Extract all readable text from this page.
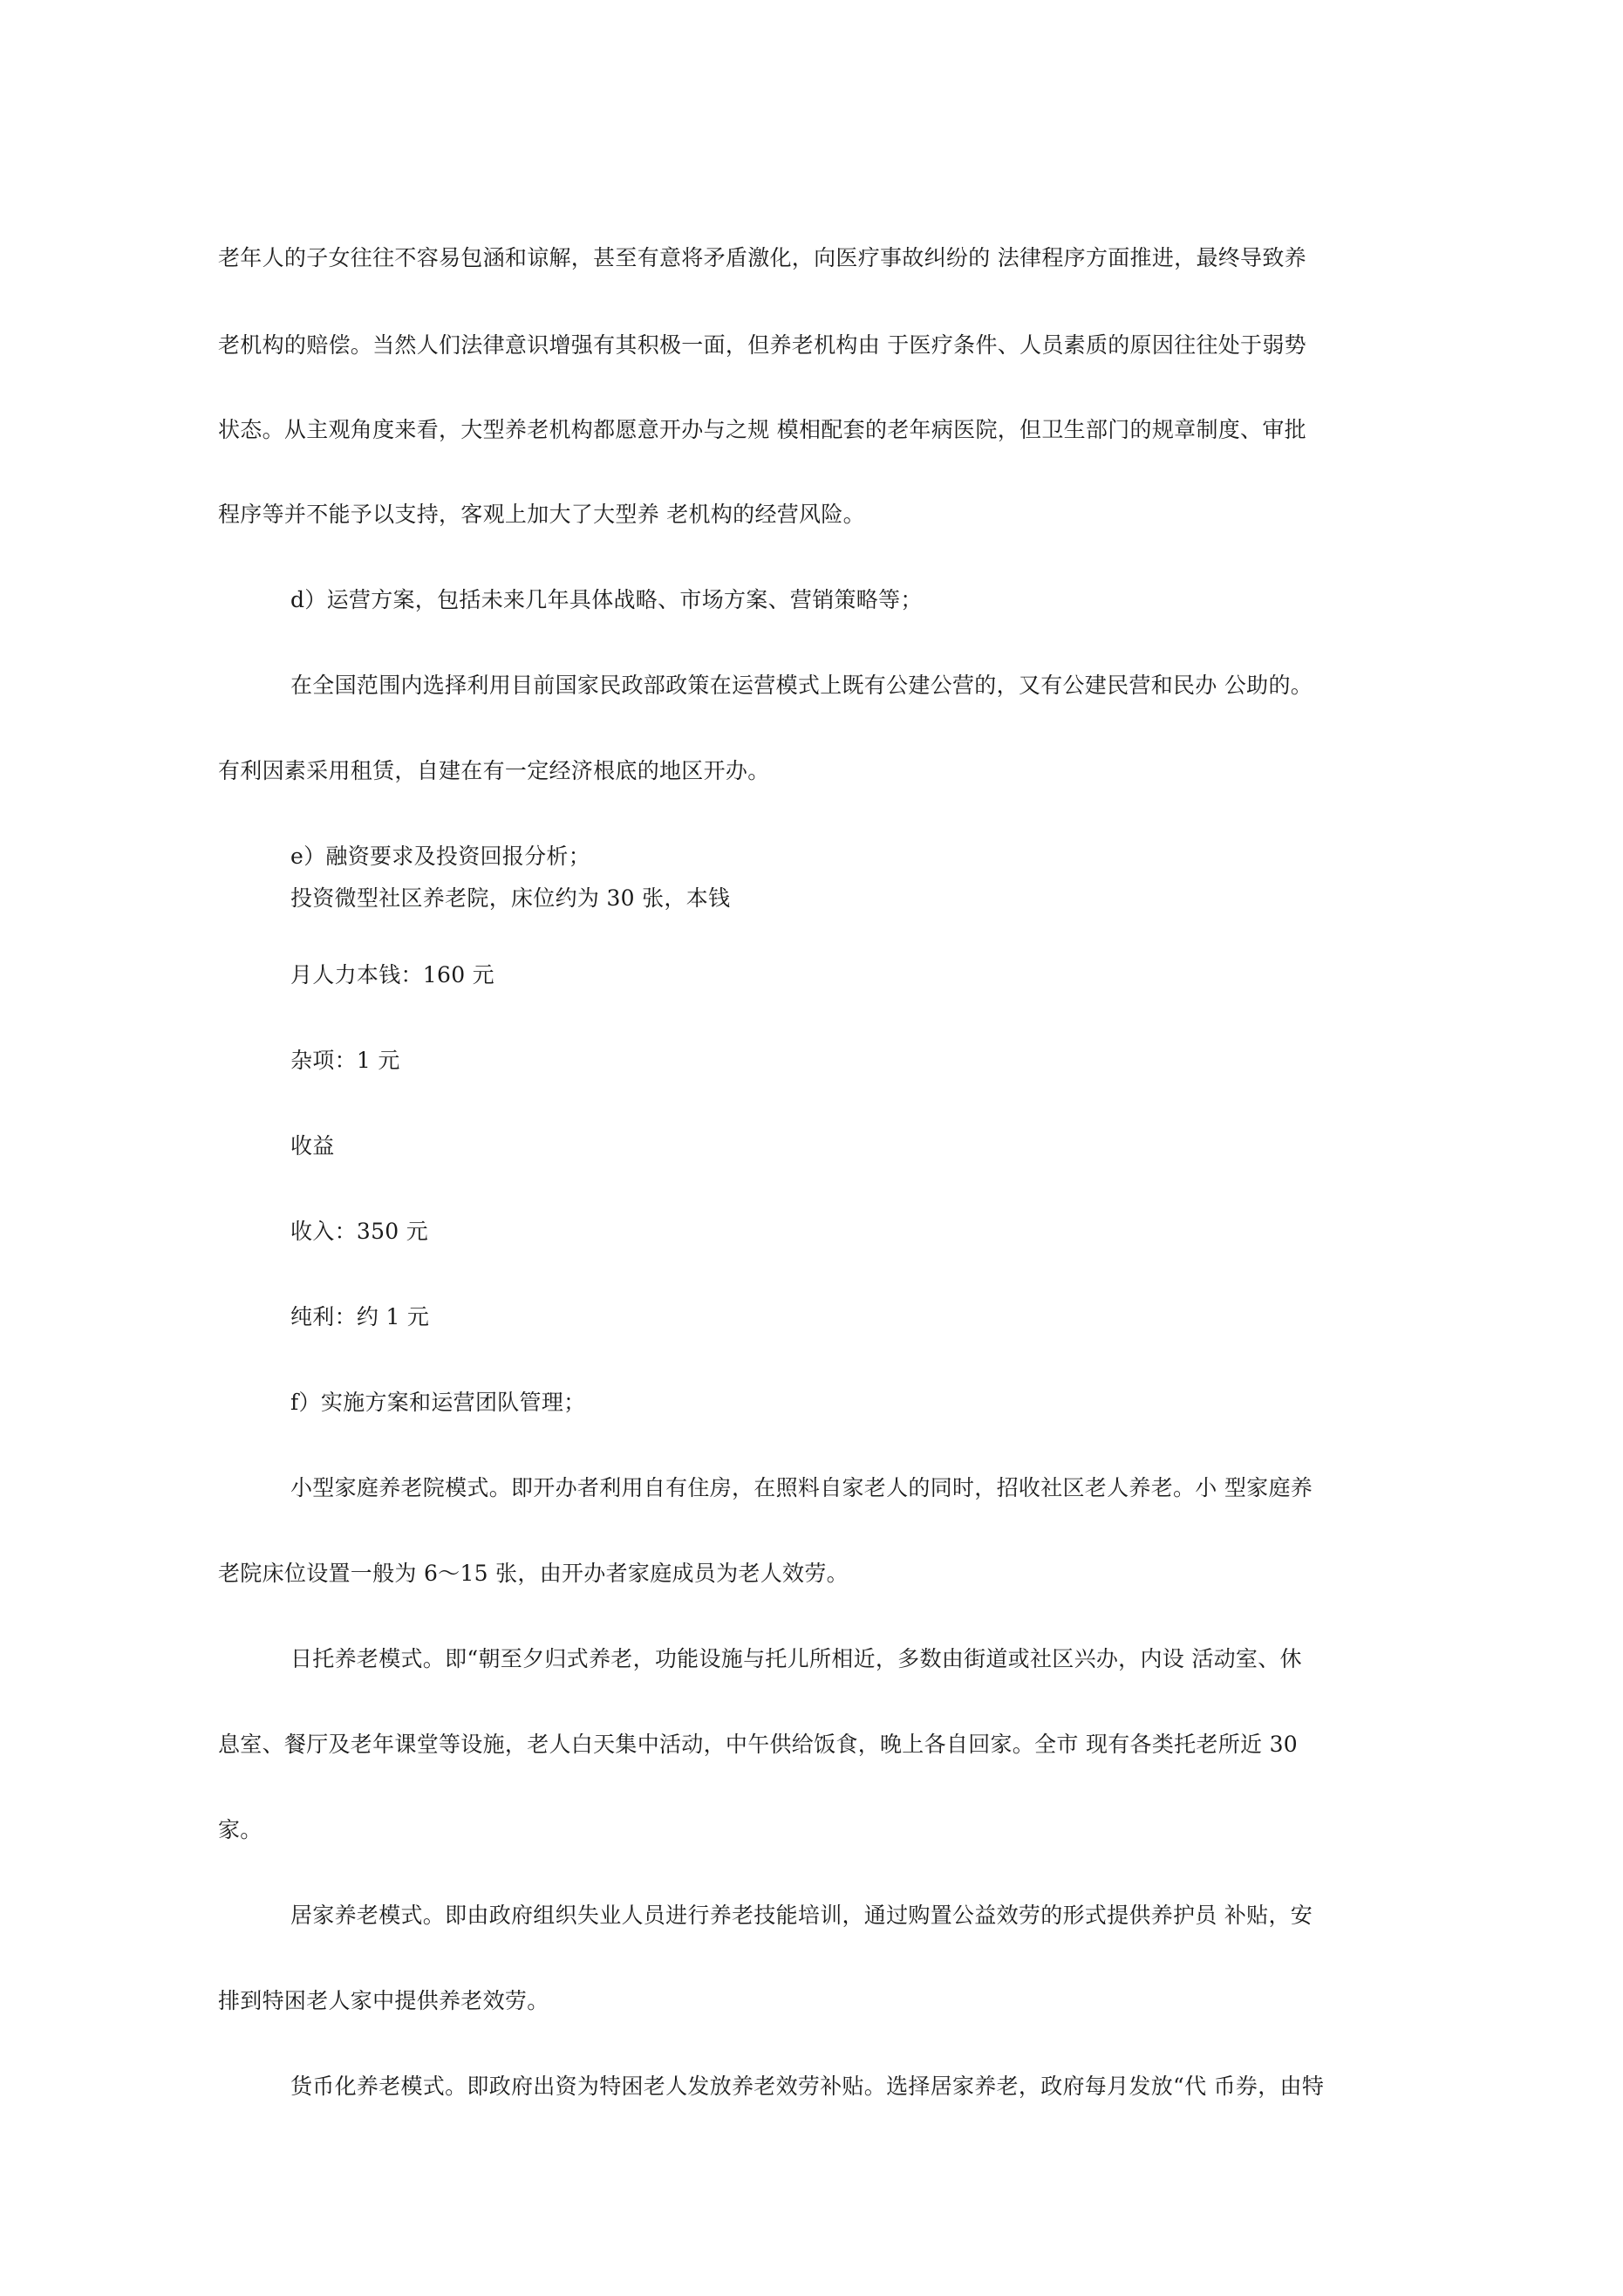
老年人的子女往往不容易包涵和谅解，甚至有意将矛盾激化，向医疗事故纠纷的 法律程序方面推进，最终导致养
老机构的赔偿。当然人们法律意识增强有其积极一面，但养老机构由 于医疗条件、人员素质的原因往往处于弱势
状态。从主观角度来看，大型养老机构都愿意开办与之规 模相配套的老年病医院，但卫生部门的规章制度、审批
程序等并不能予以支持，客观上加大了大型养 老机构的经营风险。
d）运营方案，包括未来几年具体战略、市场方案、营销策略等；
在全国范围内选择利用目前国家民政部政策在运营模式上既有公建公营的，又有公建民营和民办 公助的。
有利因素采用租赁，自建在有一定经济根底的地区开办。
e）融资要求及投资回报分析；
投资微型社区养老院，床位约为 30 张，本钱
月人力本钱：160 元
杂项：1 元
收益
收入：350 元
纯利：约 1 元
f）实施方案和运营团队管理；
小型家庭养老院模式。即开办者利用自有住房，在照料自家老人的同时，招收社区老人养老。小 型家庭养
老院床位设置一般为 6〜15 张，由开办者家庭成员为老人效劳。
日托养老模式。即“朝至夕归式养老，功能设施与托儿所相近，多数由街道或社区兴办，内设 活动室、休
息室、餐厅及老年课堂等设施，老人白天集中活动，中午供给饭食，晚上各自回家。全市 现有各类托老所近 30
家。
居家养老模式。即由政府组织失业人员进行养老技能培训，通过购置公益效劳的形式提供养护员 补贴，安
排到特困老人家中提供养老效劳。
货币化养老模式。即政府出资为特困老人发放养老效劳补贴。选择居家养老，政府每月发放“代 币券，由特
